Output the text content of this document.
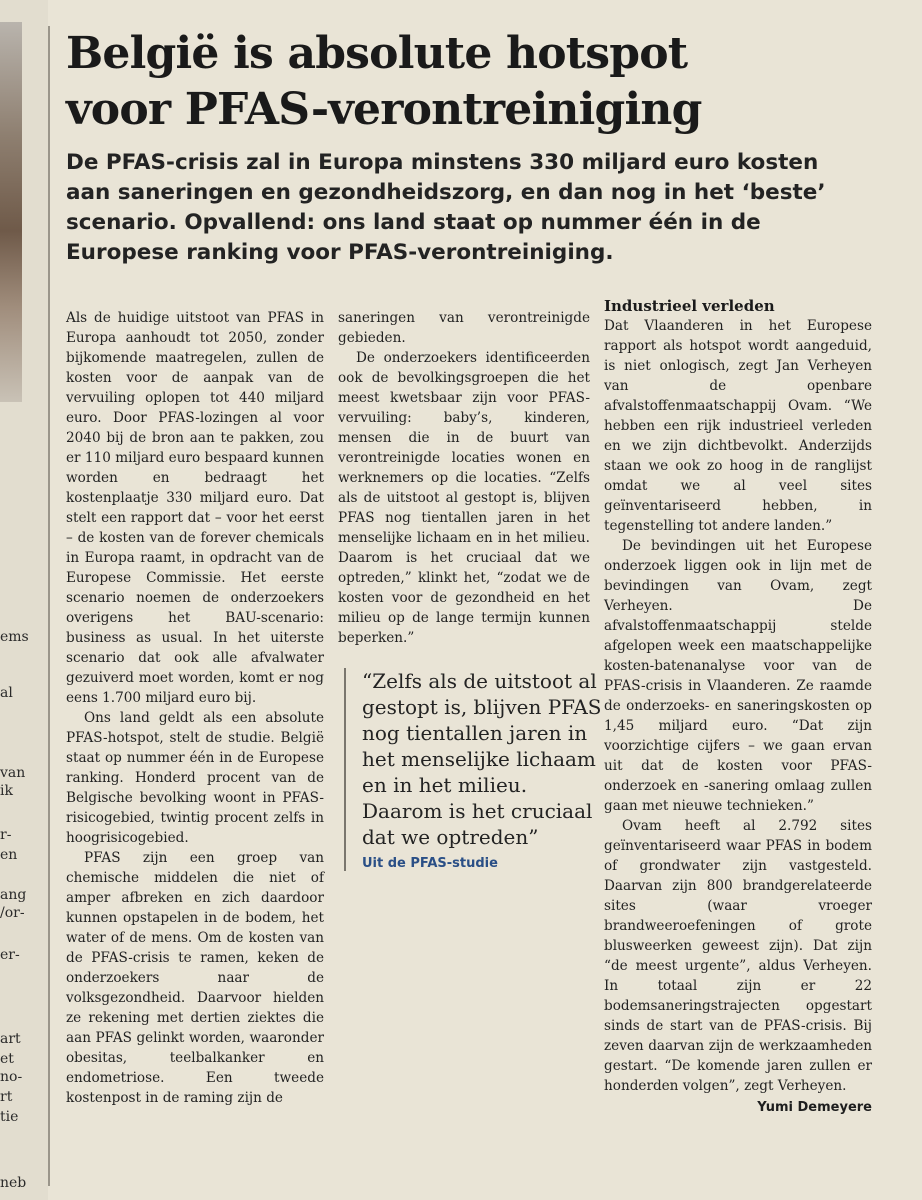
ems
al
van
ik
r-
en
ang
/or-
er-
art
et
no-
rt
tie
neb
België is absolute hotspot voor PFAS-verontreiniging

De PFAS-crisis zal in Europa minstens 330 miljard euro kosten aan saneringen en gezondheidszorg, en dan nog in het ‘beste’ scenario. Opvallend: ons land staat op nummer één in de Europese ranking voor PFAS-verontreiniging.

Als de huidige uitstoot van PFAS in Europa aanhoudt tot 2050, zonder bijkomende maatregelen, zullen de kosten voor de aanpak van de vervuiling oplopen tot 440 miljard euro. Door PFAS-lozingen al voor 2040 bij de bron aan te pakken, zou er 110 miljard euro bespaard kunnen worden en bedraagt het kostenplaatje 330 miljard euro. Dat stelt een rapport dat – voor het eerst – de kosten van de forever chemicals in Europa raamt, in opdracht van de Europese Commissie. Het eerste scenario noemen de onderzoekers overigens het BAU-scenario: business as usual. In het uiterste scenario dat ook alle afvalwater gezuiverd moet worden, komt er nog eens 1.700 miljard euro bij.

Ons land geldt als een absolute PFAS-hotspot, stelt de studie. België staat op nummer één in de Europese ranking. Honderd procent van de Belgische bevolking woont in PFAS-risicogebied, twintig procent zelfs in hoogrisicogebied.

PFAS zijn een groep van chemische middelen die niet of amper afbreken en zich daardoor kunnen opstapelen in de bodem, het water of de mens. Om de kosten van de PFAS-crisis te ramen, keken de onderzoekers naar de volksgezondheid. Daarvoor hielden ze rekening met dertien ziektes die aan PFAS gelinkt worden, waaronder obesitas, teelbalkanker en endometriose. Een tweede kostenpost in de raming zijn de

saneringen van verontreinigde gebieden.

De onderzoekers identificeerden ook de bevolkingsgroepen die het meest kwetsbaar zijn voor PFAS-vervuiling: baby’s, kinderen, mensen die in de buurt van verontreinigde locaties wonen en werknemers op die locaties. “Zelfs als de uitstoot al gestopt is, blijven PFAS nog tientallen jaren in het menselijke lichaam en in het milieu. Daarom is het cruciaal dat we optreden,” klinkt het, “zodat we de kosten voor de gezondheid en het milieu op de lange termijn kunnen beperken.”

“Zelfs als de uitstoot al gestopt is, blijven PFAS nog tientallen jaren in het menselijke lichaam en in het milieu. Daarom is het cruciaal dat we optreden”

Uit de PFAS-studie
Industrieel verleden

Dat Vlaanderen in het Europese rapport als hotspot wordt aangeduid, is niet onlogisch, zegt Jan Verheyen van de openbare afvalstoffenmaatschappij Ovam. “We hebben een rijk industrieel verleden en we zijn dichtbevolkt. Anderzijds staan we ook zo hoog in de ranglijst omdat we al veel sites geïnventariseerd hebben, in tegenstelling tot andere landen.”

De bevindingen uit het Europese onderzoek liggen ook in lijn met de bevindingen van Ovam, zegt Verheyen. De afvalstoffenmaatschappij stelde afgelopen week een maatschappelijke kosten-batenanalyse voor van de PFAS-crisis in Vlaanderen. Ze raamde de onderzoeks- en saneringskosten op 1,45 miljard euro. “Dat zijn voorzichtige cijfers – we gaan ervan uit dat de kosten voor PFAS-onderzoek en -sanering omlaag zullen gaan met nieuwe technieken.”

Ovam heeft al 2.792 sites geïnventariseerd waar PFAS in bodem of grondwater zijn vastgesteld. Daarvan zijn 800 brandgerelateerde sites (waar vroeger brandweeroefeningen of grote blusweerken geweest zijn). Dat zijn “de meest urgente”, aldus Verheyen. In totaal zijn er 22 bodemsaneringstrajecten opgestart sinds de start van de PFAS-crisis. Bij zeven daarvan zijn de werkzaamheden gestart. “De komende jaren zullen er honderden volgen”, zegt Verheyen.

Yumi Demeyere
